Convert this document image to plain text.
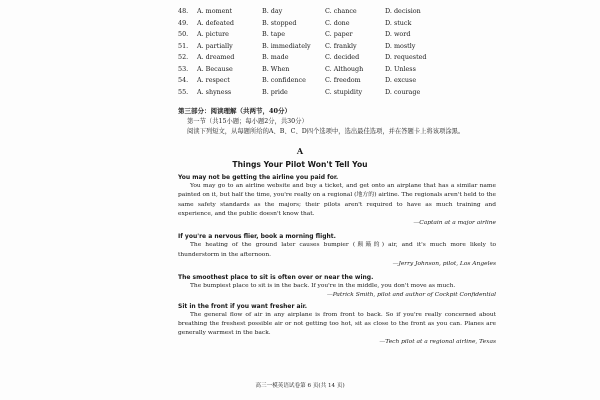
48.	A. moment	B. day	C. chance	D. decision
49.	A. defeated	B. stopped	C. done	D. stuck
50.	A. picture	B. tape	C. paper	D. word
51.	A. partially	B. immediately	C. frankly	D. mostly
52.	A. dreamed	B. made	C. decided	D. requested
53.	A. Because	B. When	C. Although	D. Unless
54.	A. respect	B. confidence	C. freedom	D. excuse
55.	A. shyness	B. pride	C. stupidity	D. courage
第三部分：阅读理解（共两节，40分）
第一节（共15小题；每小题2分，共30分）
阅读下列短文，从每题所给的A、B、C、D四个选项中，选出最佳选项，并在答题卡上将该项涂黑。
A
Things Your Pilot Won't Tell You
You may not be getting the airline you paid for.
You may go to an airline website and buy a ticket, and get onto an airplane that has a similar name painted on it, but half the time, you're really on a regional (地方的) airline. The regionals aren't held to the same safety standards as the majors; their pilots aren't required to have as much training and experience, and the public doesn't know that.
—Captain at a major airline
If you're a nervous flier, book a morning flight.
The heating of the ground later causes bumpier (颠簸的) air, and it's much more likely to thunderstorm in the afternoon.
—Jerry Johnson, pilot, Los Angeles
The smoothest place to sit is often over or near the wing.
The bumpiest place to sit is in the back. If you're in the middle, you don't move as much.
—Patrick Smith, pilot and author of Cockpit Confidential
Sit in the front if you want fresher air.
The general flow of air in any airplane is from front to back. So if you're really concerned about breathing the freshest possible air or not getting too hot, sit as close to the front as you can. Planes are generally warmest in the back.
—Tech pilot at a regional airline, Texas
高三一模英语试卷第 6 页(共 14 页)
